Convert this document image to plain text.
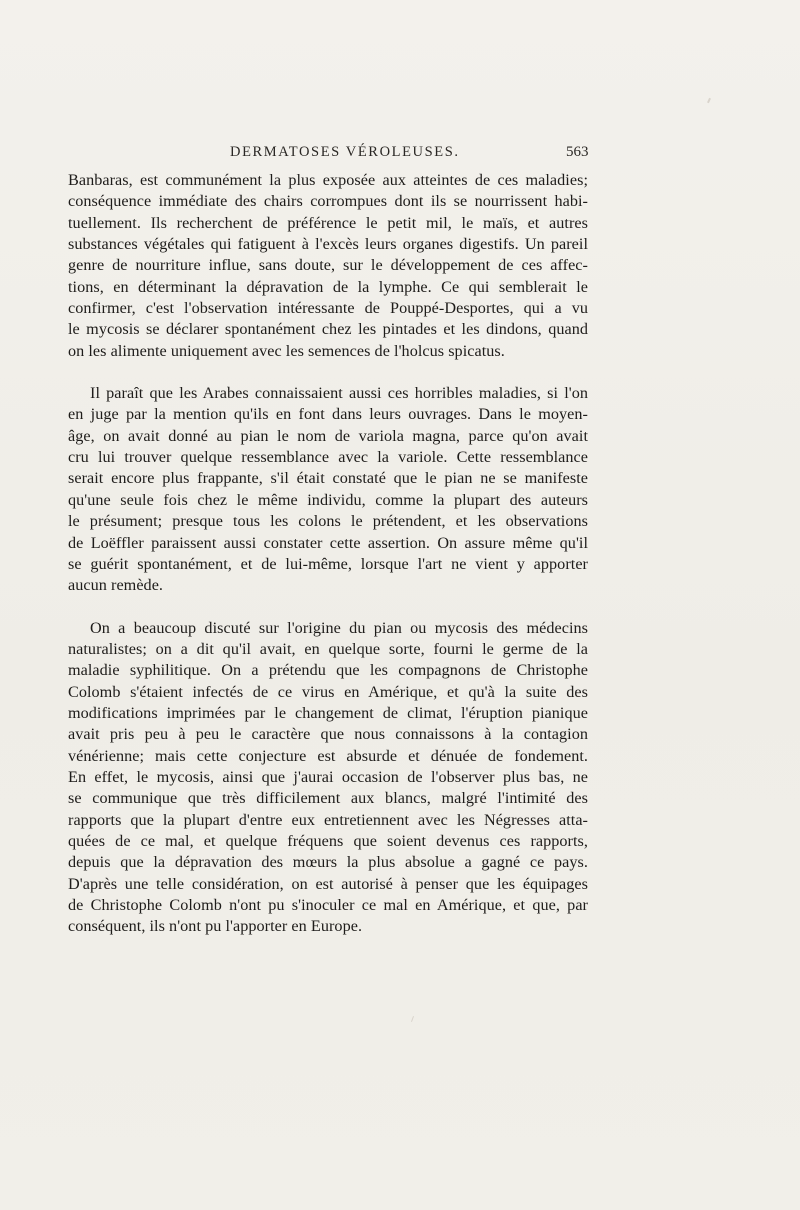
DERMATOSES VÉROLEUSES.	563
Banbaras, est communément la plus exposée aux atteintes de ces maladies;
conséquence immédiate des chairs corrompues dont ils se nourrissent habi-
tuellement. Ils recherchent de préférence le petit mil, le maïs, et autres
substances végétales qui fatiguent à l'excès leurs organes digestifs. Un pareil
genre de nourriture influe, sans doute, sur le développement de ces affec-
tions, en déterminant la dépravation de la lymphe. Ce qui semblerait le
confirmer, c'est l'observation intéressante de Pouppé-Desportes, qui a vu
le mycosis se déclarer spontanément chez les pintades et les dindons, quand
on les alimente uniquement avec les semences de l'holcus spicatus.
Il paraît que les Arabes connaissaient aussi ces horribles maladies, si l'on
en juge par la mention qu'ils en font dans leurs ouvrages. Dans le moyen-
âge, on avait donné au pian le nom de variola magna, parce qu'on avait
cru lui trouver quelque ressemblance avec la variole. Cette ressemblance
serait encore plus frappante, s'il était constaté que le pian ne se manifeste
qu'une seule fois chez le même individu, comme la plupart des auteurs
le présument; presque tous les colons le prétendent, et les observations
de Loëffler paraissent aussi constater cette assertion. On assure même qu'il
se guérit spontanément, et de lui-même, lorsque l'art ne vient y apporter
aucun remède.
On a beaucoup discuté sur l'origine du pian ou mycosis des médecins
naturalistes; on a dit qu'il avait, en quelque sorte, fourni le germe de la
maladie syphilitique. On a prétendu que les compagnons de Christophe
Colomb s'étaient infectés de ce virus en Amérique, et qu'à la suite des
modifications imprimées par le changement de climat, l'éruption pianique
avait pris peu à peu le caractère que nous connaissons à la contagion
vénérienne; mais cette conjecture est absurde et dénuée de fondement.
En effet, le mycosis, ainsi que j'aurai occasion de l'observer plus bas, ne
se communique que très difficilement aux blancs, malgré l'intimité des
rapports que la plupart d'entre eux entretiennent avec les Négresses atta-
quées de ce mal, et quelque fréquens que soient devenus ces rapports,
depuis que la dépravation des mœurs la plus absolue a gagné ce pays.
D'après une telle considération, on est autorisé à penser que les équipages
de Christophe Colomb n'ont pu s'inoculer ce mal en Amérique, et que, par
conséquent, ils n'ont pu l'apporter en Europe.
